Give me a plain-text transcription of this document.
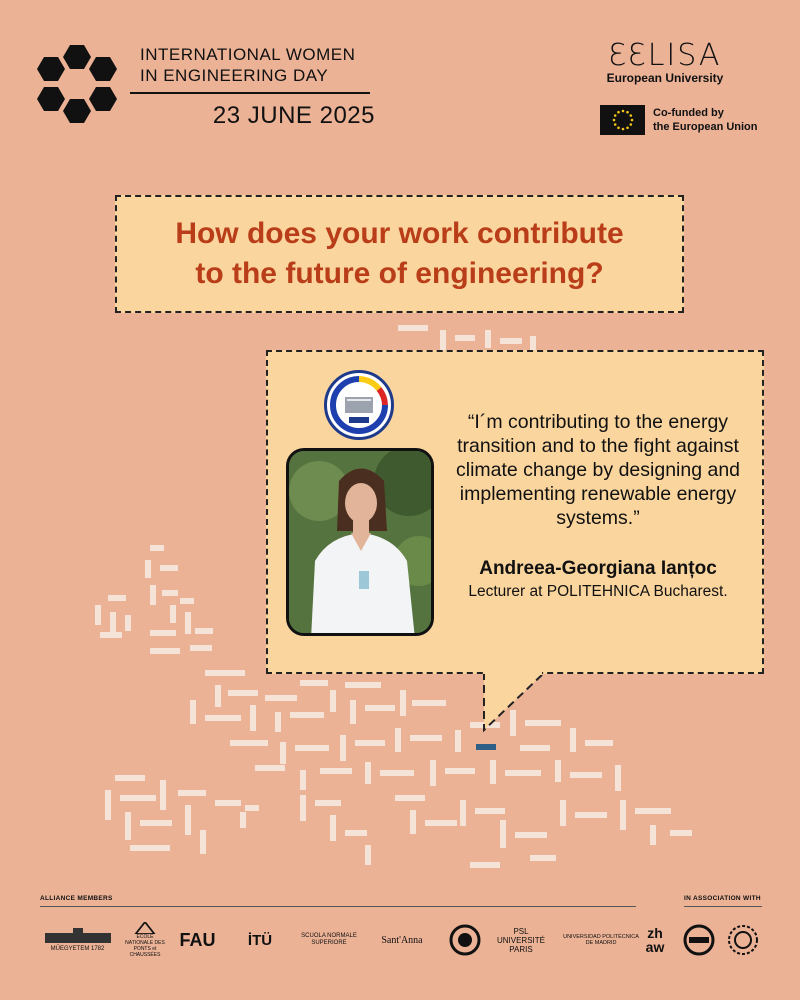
INTERNATIONAL WOMEN
IN ENGINEERING DAY
23 JUNE 2025
ƐƐLISA
European University
Co-funded by
the European Union
How does your work contribute
to the future of engineering?
“I´m contributing to the energy transition and to the fight against climate change by designing and implementing renewable energy systems.”
Andreea-Georgiana Ianțoc
Lecturer at POLITEHNICA Bucharest.
ALLIANCE MEMBERS	IN ASSOCIATION WITH
MŰEGYETEM 1782
ÉCOLE NATIONALE DES PONTS et CHAUSSÉES
FAU İTÜ	SCUOLA NORMALE SUPERIORE	Sant'Anna
PSL UNIVERSITÉ PARIS
UNIVERSIDAD POLITÉCNICA DE MADRID
zh aw
